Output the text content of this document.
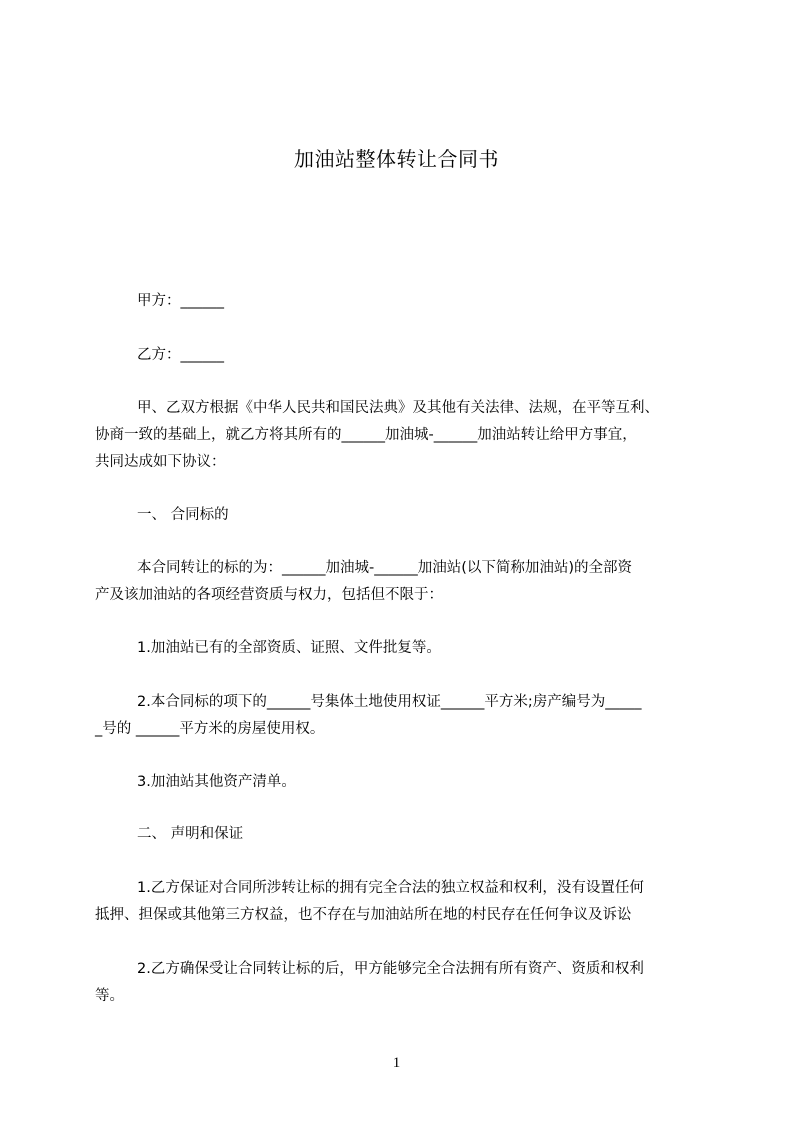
加油站整体转让合同书
甲方：______
乙方：______
甲、乙双方根据《中华人民共和国民法典》及其他有关法律、法规，在平等互利、
协商一致的基础上，就乙方将其所有的______加油城-______加油站转让给甲方事宜，
共同达成如下协议：
一、 合同标的
本合同转让的标的为：______加油城-______加油站(以下简称加油站)的全部资
产及该加油站的各项经营资质与权力，包括但不限于：
1.加油站已有的全部资质、证照、文件批复等。
2.本合同标的项下的______号集体土地使用权证______平方米;房产编号为_____
_号的 ______平方米的房屋使用权。
3.加油站其他资产清单。
二、 声明和保证
1.乙方保证对合同所涉转让标的拥有完全合法的独立权益和权利，没有设置任何
抵押、担保或其他第三方权益，也不存在与加油站所在地的村民存在任何争议及诉讼
2.乙方确保受让合同转让标的后，甲方能够完全合法拥有所有资产、资质和权利
等。
1
